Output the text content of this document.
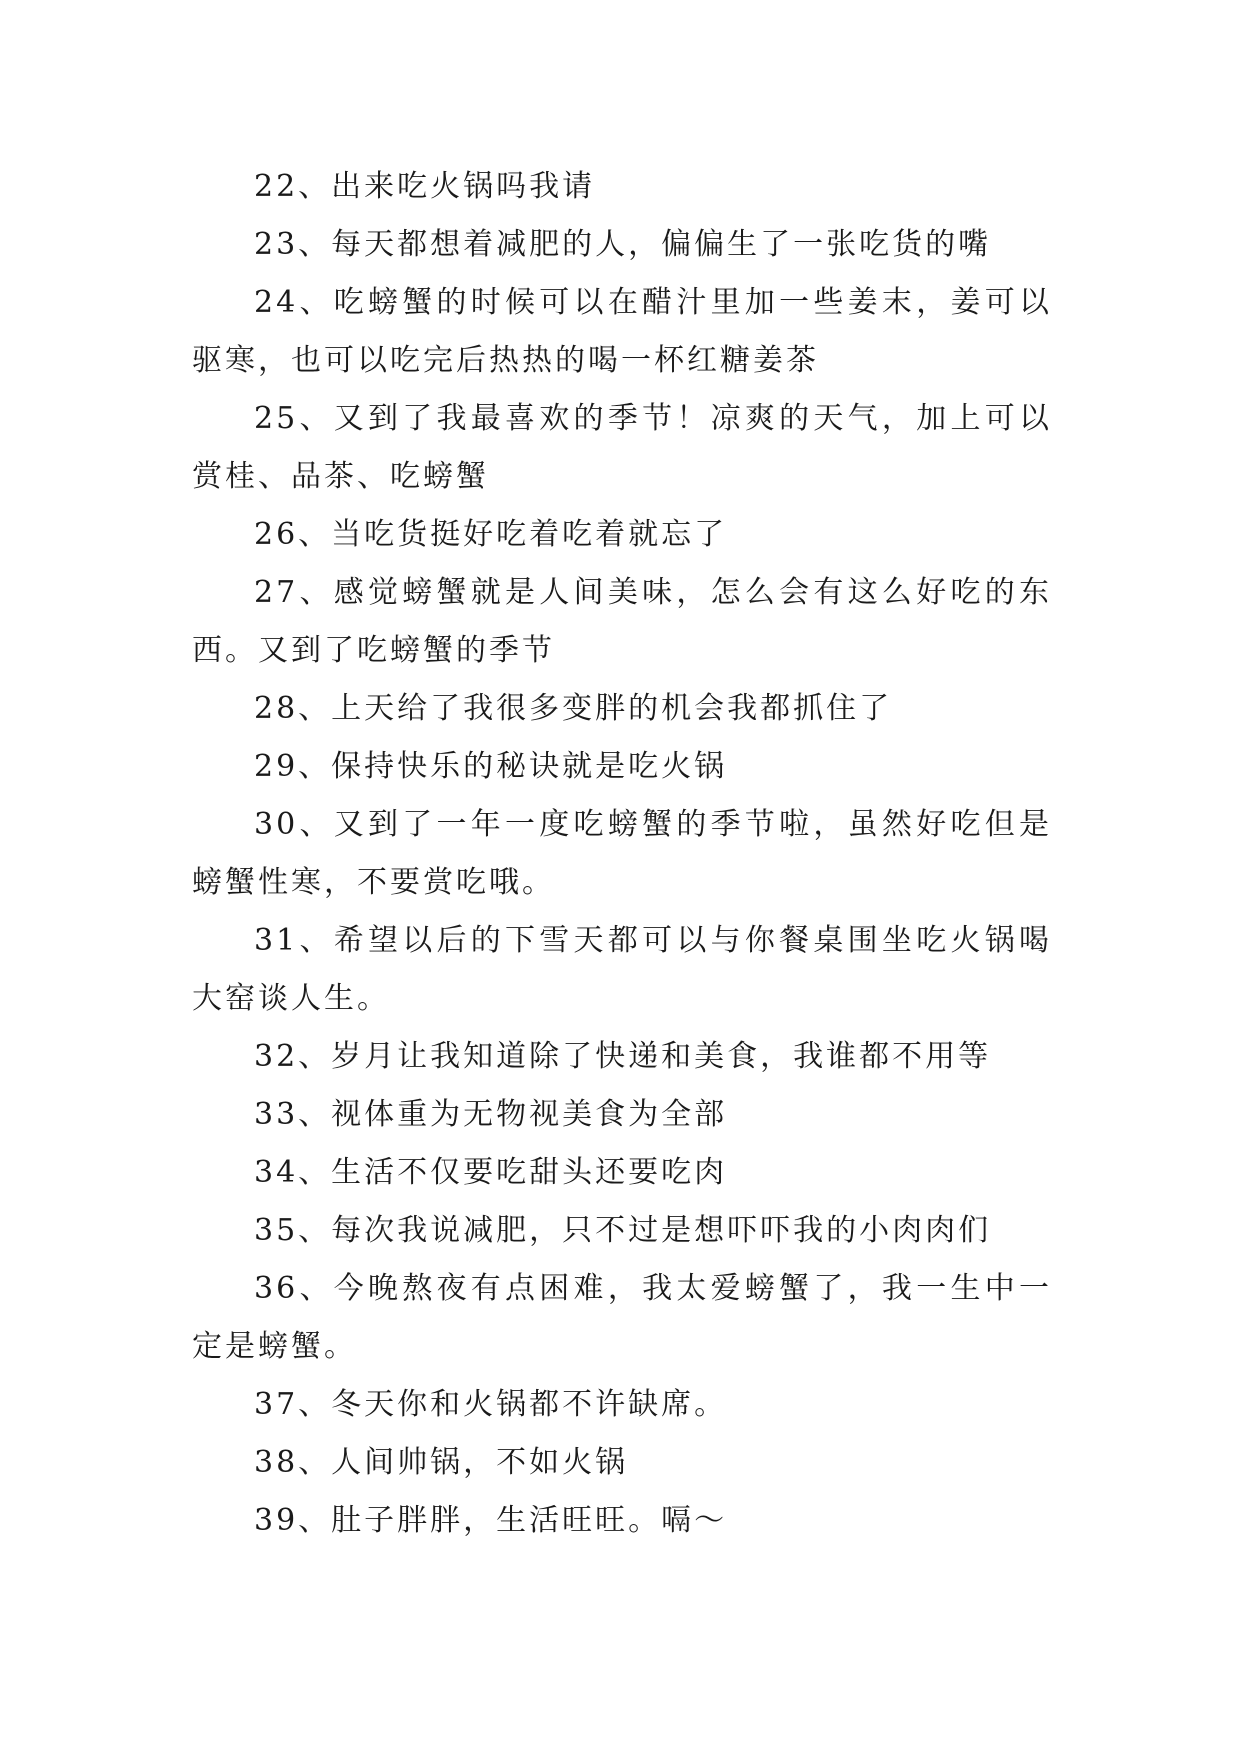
22、出来吃火锅吗我请

23、每天都想着减肥的人，偏偏生了一张吃货的嘴

24、吃螃蟹的时候可以在醋汁里加一些姜末，姜可以驱寒，也可以吃完后热热的喝一杯红糖姜茶

25、又到了我最喜欢的季节！凉爽的天气，加上可以赏桂、品茶、吃螃蟹

26、当吃货挺好吃着吃着就忘了

27、感觉螃蟹就是人间美味，怎么会有这么好吃的东西。又到了吃螃蟹的季节

28、上天给了我很多变胖的机会我都抓住了

29、保持快乐的秘诀就是吃火锅

30、又到了一年一度吃螃蟹的季节啦，虽然好吃但是螃蟹性寒，不要赏吃哦。

31、希望以后的下雪天都可以与你餐桌围坐吃火锅喝大窑谈人生。

32、岁月让我知道除了快递和美食，我谁都不用等

33、视体重为无物视美食为全部

34、生活不仅要吃甜头还要吃肉

35、每次我说减肥，只不过是想吓吓我的小肉肉们

36、今晚熬夜有点困难，我太爱螃蟹了，我一生中一定是螃蟹。

37、冬天你和火锅都不许缺席。

38、人间帅锅，不如火锅

39、肚子胖胖，生活旺旺。嗝～
